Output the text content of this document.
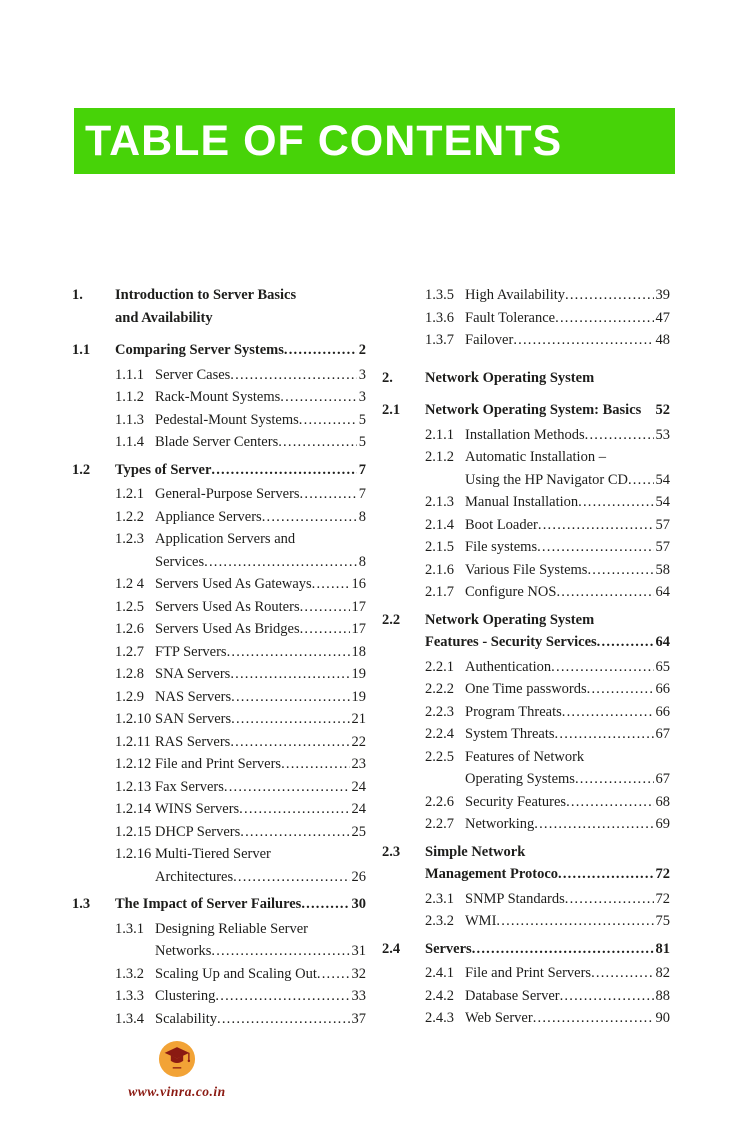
TABLE OF CONTENTS
1.	Introduction to Server Basics
and Availability
1.1	Comparing Server Systems .....	2
1.1.1 Server Cases .....	3
1.1.2 Rack-Mount Systems .....	3
1.1.3 Pedestal-Mount Systems .....	5
1.1.4 Blade Server Centers .....	5
1.2	Types of Server .....	7
1.2.1 General-Purpose Servers .....	7
1.2.2 Appliance Servers .....	8
1.2.3 Application Servers and
Services .....	8
1.2 4 Servers Used As Gateways .....	16
1.2.5 Servers Used As Routers .....	17
1.2.6 Servers Used As Bridges .....	17
1.2.7 FTP Servers .....	18
1.2.8 SNA Servers .....	19
1.2.9 NAS Servers .....	19
1.2.10 SAN Servers .....	21
1.2.11 RAS Servers .....	22
1.2.12 File and Print Servers .....	23
1.2.13 Fax Servers .....	24
1.2.14 WINS Servers .....	24
1.2.15 DHCP Servers .....	25
1.2.16 Multi-Tiered Server
Architectures .....	26
1.3	The Impact of Server Failures .....	30
1.3.1 Designing Reliable Server
Networks .....	31
1.3.2 Scaling Up and Scaling Out ..... 32
1.3.3 Clustering .....	33
1.3.4 Scalability .....	37
1.3.5 High Availability .....	39
1.3.6 Fault Tolerance .....	47
1.3.7 Failover .....	48
2.	Network Operating System
2.1	Network Operating System: Basics 52
2.1.1 Installation Methods .....	53
2.1.2 Automatic Installation –
Using the HP Navigator CD ..... 54
2.1.3 Manual Installation .....	54
2.1.4 Boot Loader .....	57
2.1.5 File systems .....	57
2.1.6 Various File Systems .....	58
2.1.7 Configure NOS .....	64
2.2	Network Operating System
Features - Security Services .....	64
2.2.1 Authentication .....	65
2.2.2 One Time passwords .....	66
2.2.3 Program Threats .....	66
2.2.4 System Threats .....	67
2.2.5 Features of Network
Operating Systems .....	67
2.2.6 Security Features .....	68
2.2.7 Networking .....	69
2.3	Simple Network
Management Protoco .....	72
2.3.1 SNMP Standards .....	72
2.3.2 WMI .....	75
2.4	Servers .....	81
2.4.1 File and Print Servers .....	82
2.4.2 Database Server .....	88
2.4.3 Web Server .....	90
www.vinra.co.in
